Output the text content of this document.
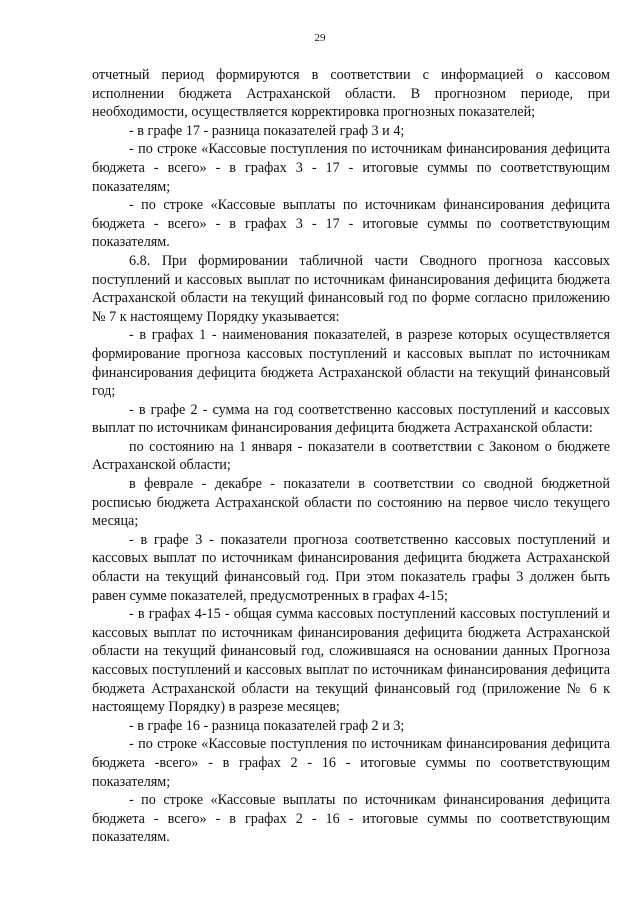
29

отчетный период формируются в соответствии с информацией о кассовом исполнении бюджета Астраханской области. В прогнозном периоде, при необходимости, осуществляется корректировка прогнозных показателей;

- в графе 17 - разница показателей граф 3 и 4;

- по строке «Кассовые поступления по источникам финансирования дефицита бюджета - всего» - в графах 3 - 17 - итоговые суммы по соответствующим показателям;

- по строке «Кассовые выплаты по источникам финансирования дефицита бюджета - всего» - в графах 3 - 17 - итоговые суммы по соответствующим показателям.

6.8. При формировании табличной части Сводного прогноза кассовых поступлений и кассовых выплат по источникам финансирования дефицита бюджета Астраханской области на текущий финансовый год по форме согласно приложению № 7 к настоящему Порядку указывается:

- в графах 1 - наименования показателей, в разрезе которых осуществляется формирование прогноза кассовых поступлений и кассовых выплат по источникам финансирования дефицита бюджета Астраханской области на текущий финансовый год;

- в графе 2 - сумма на год соответственно кассовых поступлений и кассовых выплат по источникам финансирования дефицита бюджета Астраханской области:

по состоянию на 1 января - показатели в соответствии с Законом о бюджете Астраханской области;

в феврале - декабре - показатели в соответствии со сводной бюджетной росписью бюджета Астраханской области по состоянию на первое число текущего месяца;

- в графе 3 - показатели прогноза соответственно кассовых поступлений и кассовых выплат по источникам финансирования дефицита бюджета Астраханской области на текущий финансовый год. При этом показатель графы 3 должен быть равен сумме показателей, предусмотренных в графах 4-15;

- в графах 4-15 - общая сумма кассовых поступлений кассовых поступлений и кассовых выплат по источникам финансирования дефицита бюджета Астраханской области на текущий финансовый год, сложившаяся на основании данных Прогноза кассовых поступлений и кассовых выплат по источникам финансирования дефицита бюджета Астраханской области на текущий финансовый год (приложение № 6 к настоящему Порядку) в разрезе месяцев;

- в графе 16 - разница показателей граф 2 и 3;

- по строке «Кассовые поступления по источникам финансирования дефицита бюджета -всего» - в графах 2 - 16 - итоговые суммы по соответствующим показателям;

- по строке «Кассовые выплаты по источникам финансирования дефицита бюджета - всего» - в графах 2 - 16 - итоговые суммы по соответствующим показателям.
